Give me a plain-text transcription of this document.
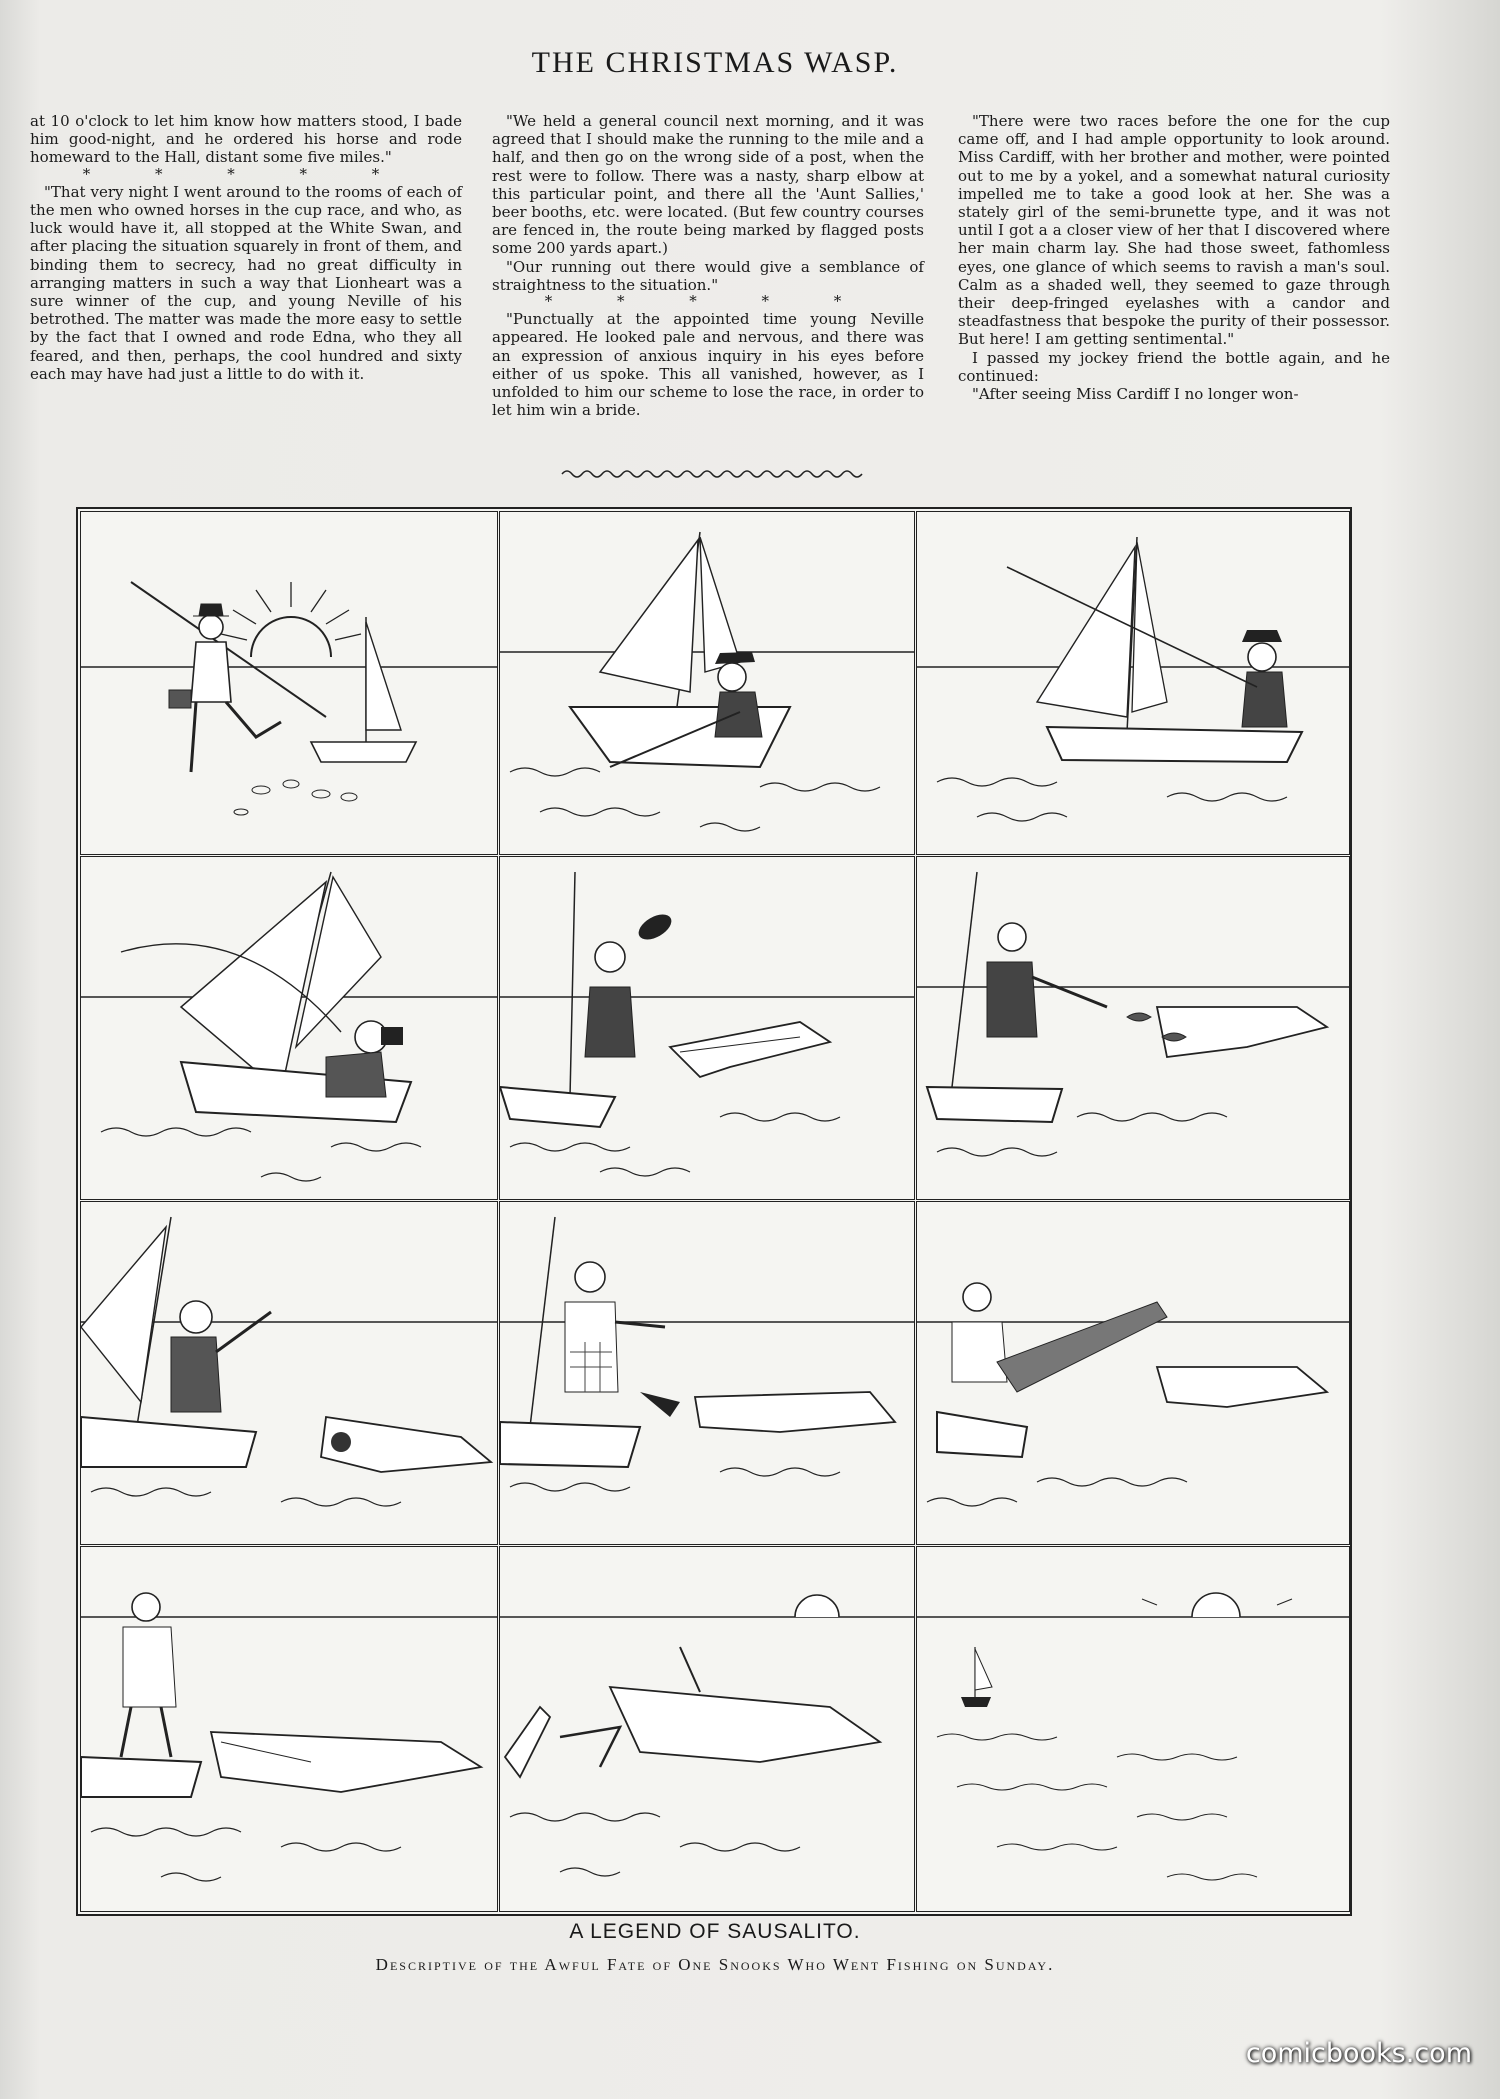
THE CHRISTMAS WASP.

at 10 o'clock to let him know how matters stood, I bade him good-night, and he ordered his horse and rode homeward to the Hall, distant some five miles."

* * * * *

"That very night I went around to the rooms of each of the men who owned horses in the cup race, and who, as luck would have it, all stopped at the White Swan, and after placing the situation squarely in front of them, and binding them to secrecy, had no great difficulty in arranging matters in such a way that Lionheart was a sure winner of the cup, and young Neville of his betrothed. The matter was made the more easy to settle by the fact that I owned and rode Edna, who they all feared, and then, perhaps, the cool hundred and sixty each may have had just a little to do with it.

"We held a general council next morning, and it was agreed that I should make the running to the mile and a half, and then go on the wrong side of a post, when the rest were to follow. There was a nasty, sharp elbow at this particular point, and there all the 'Aunt Sallies,' beer booths, etc. were located. (But few country courses are fenced in, the route being marked by flagged posts some 200 yards apart.)

"Our running out there would give a semblance of straightness to the situation."

* * * * *

"Punctually at the appointed time young Neville appeared. He looked pale and nervous, and there was an expression of anxious inquiry in his eyes before either of us spoke. This all vanished, however, as I unfolded to him our scheme to lose the race, in order to let him win a bride.

"There were two races before the one for the cup came off, and I had ample opportunity to look around. Miss Cardiff, with her brother and mother, were pointed out to me by a yokel, and a somewhat natural curiosity impelled me to take a good look at her. She was a stately girl of the semi-brunette type, and it was not until I got a a closer view of her that I discovered where her main charm lay. She had those sweet, fathomless eyes, one glance of which seems to ravish a man's soul. Calm as a shaded well, they seemed to gaze through their deep-fringed eyelashes with a candor and steadfastness that bespoke the purity of their possessor. But here! I am getting sentimental."

I passed my jockey friend the bottle again, and he continued:

"After seeing Miss Cardiff I no longer won-

A LEGEND OF SAUSALITO.
Descriptive of the Awful Fate of One Snooks Who Went Fishing on Sunday.
comicbooks.com
